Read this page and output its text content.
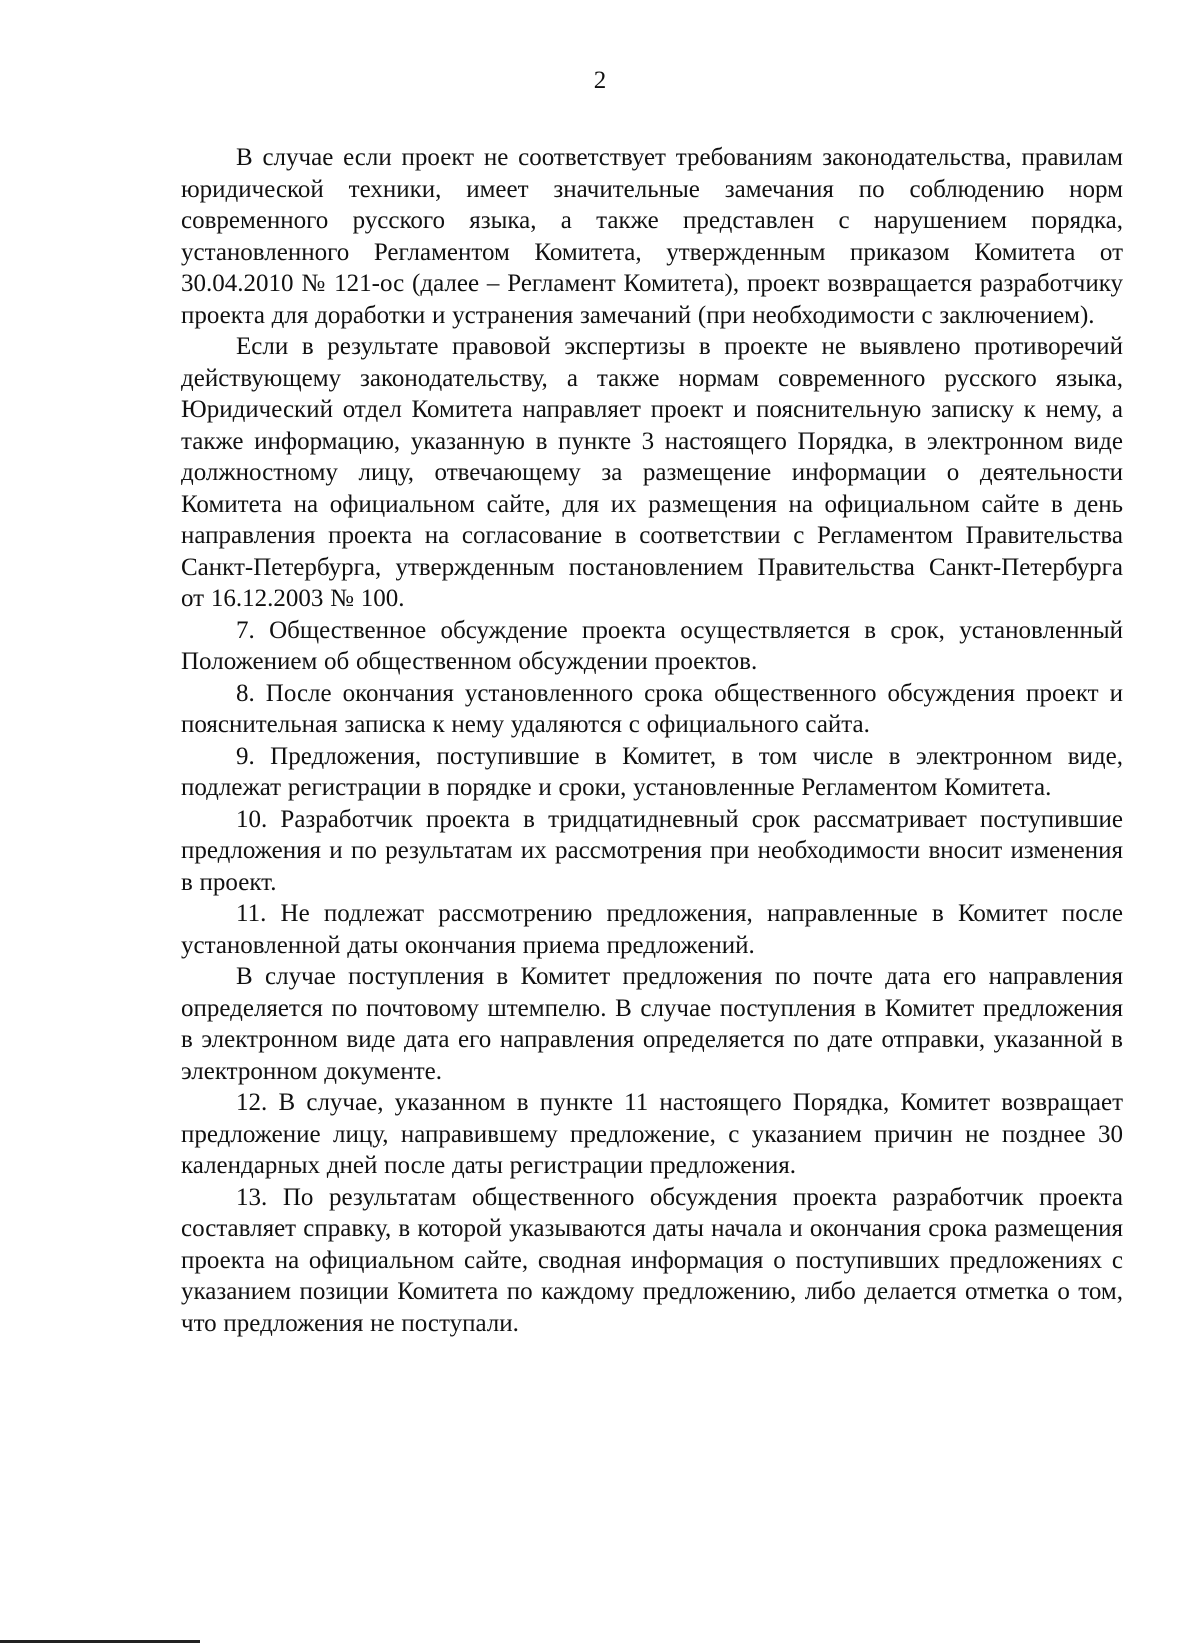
2

В случае если проект не соответствует требованиям законодательства, правилам юридической техники, имеет значительные замечания по соблюдению норм современного русского языка, а также представлен с нарушением порядка, установленного Регламентом Комитета, утвержденным приказом Комитета от 30.04.2010 № 121-ос (далее – Регламент Комитета), проект возвращается разработчику проекта для доработки и устранения замечаний (при необходимости с заключением).

Если в результате правовой экспертизы в проекте не выявлено противоречий действующему законодательству, а также нормам современного русского языка, Юридический отдел Комитета направляет проект и пояснительную записку к нему, а также информацию, указанную в пункте 3 настоящего Порядка, в электронном виде должностному лицу, отвечающему за размещение информации о деятельности Комитета на официальном сайте, для их размещения на официальном сайте в день направления проекта на согласование в соответствии с Регламентом Правительства Санкт-Петербурга, утвержденным постановлением Правительства Санкт-Петербурга от 16.12.2003 № 100.

7. Общественное обсуждение проекта осуществляется в срок, установленный Положением об общественном обсуждении проектов.

8. После окончания установленного срока общественного обсуждения проект и пояснительная записка к нему удаляются с официального сайта.

9. Предложения, поступившие в Комитет, в том числе в электронном виде, подлежат регистрации в порядке и сроки, установленные Регламентом Комитета.

10. Разработчик проекта в тридцатидневный срок рассматривает поступившие предложения и по результатам их рассмотрения при необходимости вносит изменения в проект.

11. Не подлежат рассмотрению предложения, направленные в Комитет после установленной даты окончания приема предложений.

В случае поступления в Комитет предложения по почте дата его направления определяется по почтовому штемпелю. В случае поступления в Комитет предложения в электронном виде дата его направления определяется по дате отправки, указанной в электронном документе.

12. В случае, указанном в пункте 11 настоящего Порядка, Комитет возвращает предложение лицу, направившему предложение, с указанием причин не позднее 30 календарных дней после даты регистрации предложения.

13. По результатам общественного обсуждения проекта разработчик проекта составляет справку, в которой указываются даты начала и окончания срока размещения проекта на официальном сайте, сводная информация о поступивших предложениях с указанием позиции Комитета по каждому предложению, либо делается отметка о том, что предложения не поступали.
